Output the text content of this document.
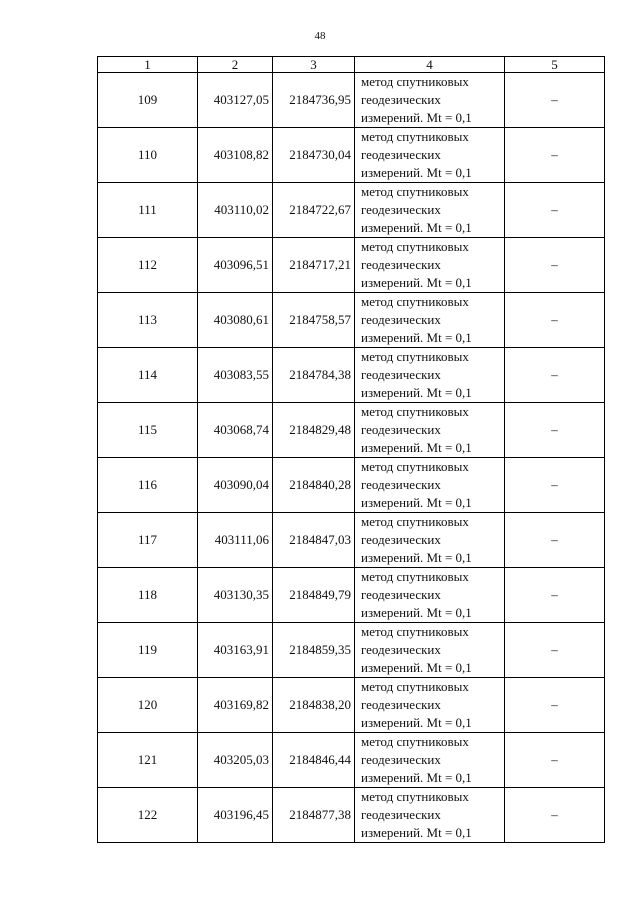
48
1	2	3	4	5
109	403127,05	2184736,95	метод спутниковых
геодезических
измерений. Mt = 0,1	–
110	403108,82	2184730,04	метод спутниковых
геодезических
измерений. Mt = 0,1	–
111	403110,02	2184722,67	метод спутниковых
геодезических
измерений. Mt = 0,1	–
112	403096,51	2184717,21	метод спутниковых
геодезических
измерений. Mt = 0,1	–
113	403080,61	2184758,57	метод спутниковых
геодезических
измерений. Mt = 0,1	–
114	403083,55	2184784,38	метод спутниковых
геодезических
измерений. Mt = 0,1	–
115	403068,74	2184829,48	метод спутниковых
геодезических
измерений. Mt = 0,1	–
116	403090,04	2184840,28	метод спутниковых
геодезических
измерений. Mt = 0,1	–
117	403111,06	2184847,03	метод спутниковых
геодезических
измерений. Mt = 0,1	–
118	403130,35	2184849,79	метод спутниковых
геодезических
измерений. Mt = 0,1	–
119	403163,91	2184859,35	метод спутниковых
геодезических
измерений. Mt = 0,1	–
120	403169,82	2184838,20	метод спутниковых
геодезических
измерений. Mt = 0,1	–
121	403205,03	2184846,44	метод спутниковых
геодезических
измерений. Mt = 0,1	–
122	403196,45	2184877,38	метод спутниковых
геодезических
измерений. Mt = 0,1	–
